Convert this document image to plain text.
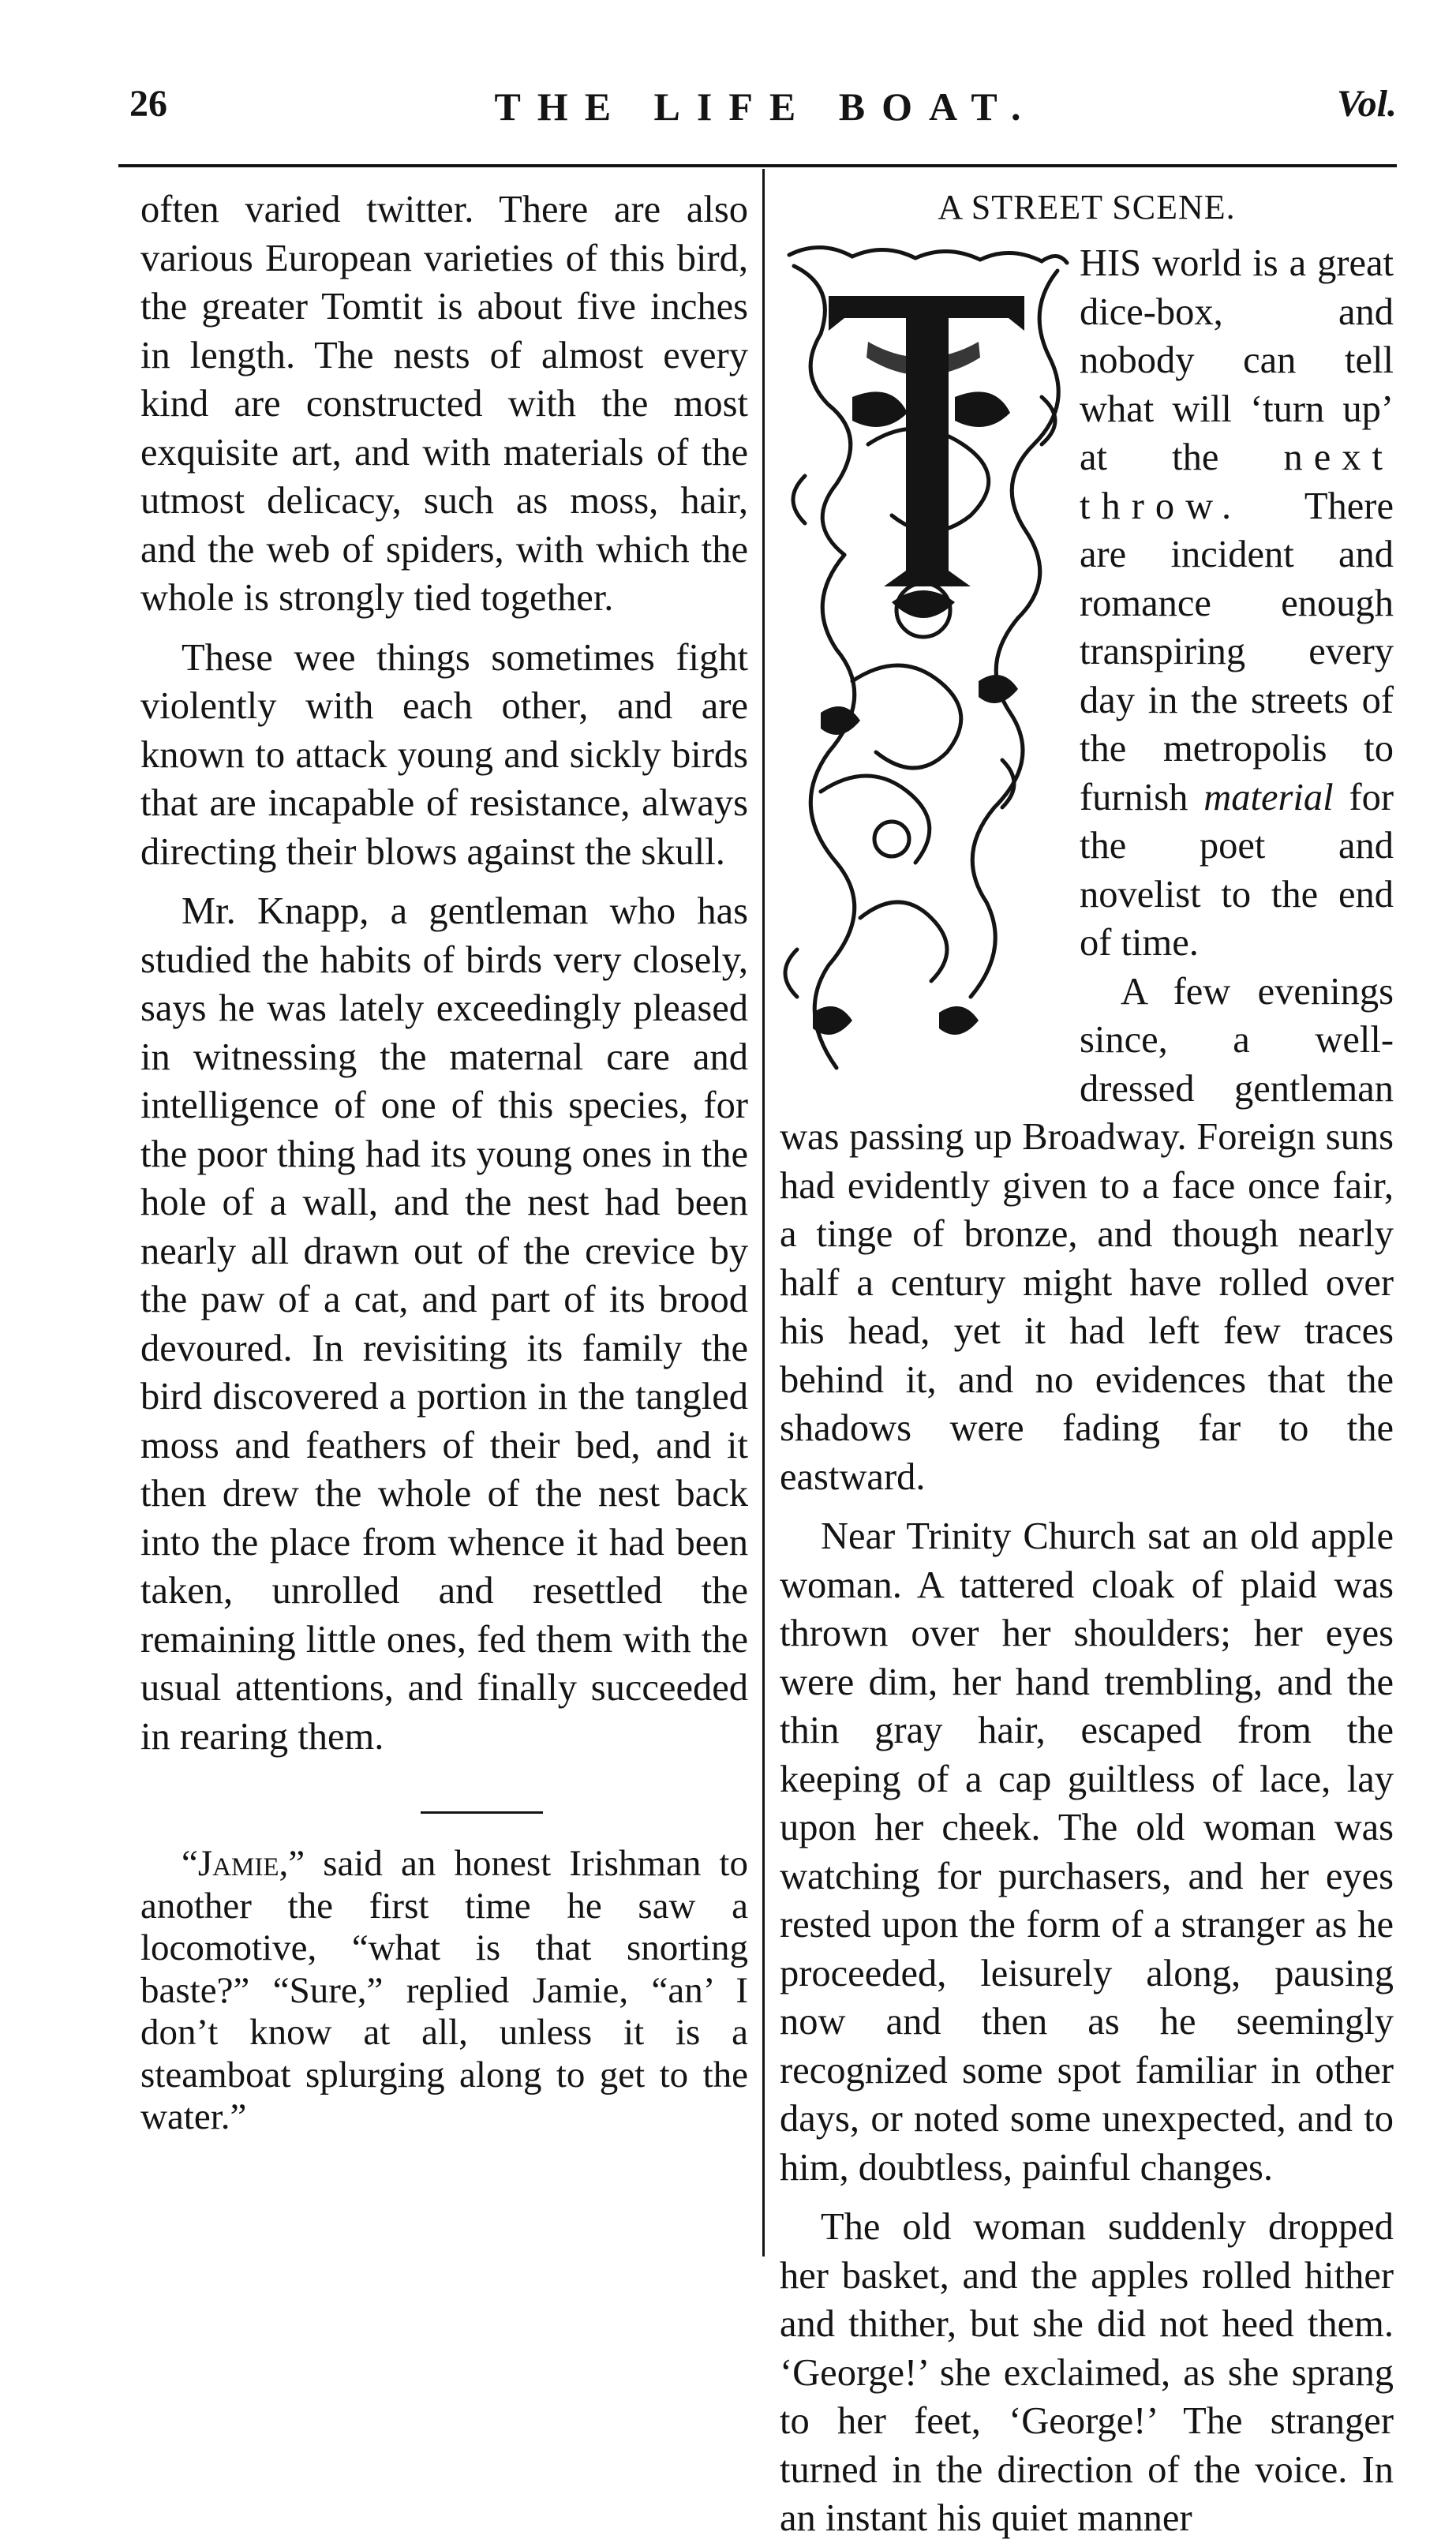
26	THE LIFE BOAT.	Vol.

often varied twitter. There are also various European varieties of this bird, the greater Tomtit is about five inches in length. The nests of almost every kind are constructed with the most exquisite art, and with materials of the utmost delicacy, such as moss, hair, and the web of spiders, with which the whole is strongly tied together.

These wee things sometimes fight violently with each other, and are known to attack young and sickly birds that are incapable of resistance, always directing their blows against the skull.

Mr. Knapp, a gentleman who has studied the habits of birds very closely, says he was lately exceedingly pleased in witnessing the maternal care and intelligence of one of this species, for the poor thing had its young ones in the hole of a wall, and the nest had been nearly all drawn out of the crevice by the paw of a cat, and part of its brood devoured. In revisiting its family the bird discovered a portion in the tangled moss and feathers of their bed, and it then drew the whole of the nest back into the place from whence it had been taken, unrolled and resettled the remaining little ones, fed them with the usual attentions, and finally succeeded in rearing them.

“Jamie,” said an honest Irishman to another the first time he saw a locomotive, “what is that snorting baste?” “Sure,” replied Jamie, “an’ I don’t know at all, unless it is a steamboat splurging along to get to the water.”

A STREET SCENE.

HIS world is a great dice-box, and nobody can tell what will ‘turn up’ at the next throw. There are incident and romance enough transpiring every day in the streets of the metropolis to furnish material for the poet and novelist to the end of time.

A few evenings since, a well-dressed gentleman was passing up Broadway. Foreign suns had evidently given to a face once fair, a tinge of bronze, and though nearly half a century might have rolled over his head, yet it had left few traces behind it, and no evidences that the shadows were fading far to the eastward.

Near Trinity Church sat an old apple woman. A tattered cloak of plaid was thrown over her shoulders; her eyes were dim, her hand trembling, and the thin gray hair, escaped from the keeping of a cap guiltless of lace, lay upon her cheek. The old woman was watching for purchasers, and her eyes rested upon the form of a stranger as he proceeded, leisurely along, pausing now and then as he seemingly recognized some spot familiar in other days, or noted some unexpected, and to him, doubtless, painful changes.

The old woman suddenly dropped her basket, and the apples rolled hither and thither, but she did not heed them. ‘George!’ she exclaimed, as she sprang to her feet, ‘George!’ The stranger turned in the direction of the voice. In an instant his quiet manner
